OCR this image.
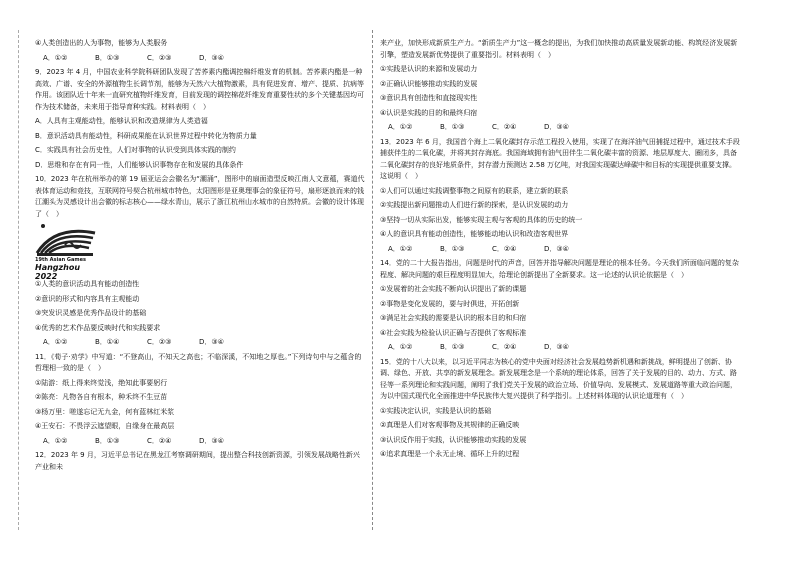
④人类创造出的人为事物，能够为人类服务

A．①②	B．①③	C．②③	D．③④

9．2023 年 4 月，中国农业科学院科研团队发现了苦荞素内酯调控棉纤维发育的机制。苦荞素内酯是一种高效、广谱、安全的外源植物生长调节剂，能够为天然六大植物激素，具有促进发育、增产、提质、抗病等作用。该团队近十年来一直研究植物纤维发育，目前发现的调控棉花纤维发育重要性状的多个关键基因均可作为技术储备，未来用于指导育种实践。材料表明（　）

A．人具有主观能动性，能够认识和改造规律为人类造福

B．意识活动具有能动性，科研成果能在认识世界过程中转化为物质力量

C．实践具有社会历史性，人们对事物的认识受到具体实践的制约

D．思维和存在有同一性，人们能够认识事物存在和发展的具体条件

10．2023 年在杭州举办的第 19 届亚运会会徽名为“潮涌”，图形中的扇面造型反映江南人文意蕴，赛道代表体育运动和竞技，互联网符号契合杭州城市特色，太阳图形是亚奥理事会的象征符号，扇形逐浪而来的钱江潮头为灵感设计出会徽的标志核心——绿水青山，展示了浙江杭州山水城市的自然特质。会徽的设计体现了（　）

19th Asian Games
Hangzhou 2022

①人类的意识活动具有能动创造性

②意识的形式和内容具有主观能动

③突发识灵感是优秀作品设计的基础

④优秀的艺术作品要反映时代和实践要求

A．①②	B．①④	C．②③	D．③④

11．《荀子·劝学》中写道：“不登高山，不知天之高也；不临深溪，不知地之厚也。”下列诗句中与之蕴含的哲理相一致的是（　）

①陆游：纸上得来终觉浅，绝知此事要躬行

②陈亮：凡物各自有根本，种禾终不生豆苗

③杨万里：嗟遂忘记无九金，何有蓝林红米浆

④王安石：不畏浮云遮望眼，自缘身在最高层

A．①②	B．①③	C．②④	D．③④

12．2023 年 9 月，习近平总书记在黑龙江考察调研期间，提出整合科技创新资源，引领发展战略性新兴产业和未

来产业，加快形成新质生产力。“新质生产力”这一概念的提出，为我们加快推动高质量发展新动能、构筑经济发展新引擎，塑造发展新优势提供了重要指引。材料表明（　）

①实践是认识的来源和发展动力

②正确认识能够推动实践的发展

③意识具有创造性和直接现实性

④认识是实践的目的和最终归宿

A．①②	B．①③	C．②④	D．③④

13．2023 年 6 月，我国首个海上二氧化碳封存示范工程投入使用，实现了在海洋油气田捕捉过程中，通过技术手段捕获伴生的二氧化碳，并将其封存海底。我国海域拥有油气田伴生二氧化碳丰富的资源、地层厚度大、圈闭多，具备二氧化碳封存的良好地质条件，封存潜力预测达 2.58 万亿吨，对我国实现碳达峰碳中和目标的实现提供重要支撑。这说明（　）

①人们可以通过实践调整事物之间原有的联系，建立新的联系

②实践提出新问题推动人们进行新的探索，是认识发展的动力

③坚持一切从实际出发，能够实现主观与客观的具体的历史的统一

④人的意识具有能动创造性，能够能动地认识和改造客观世界

A．①②	B．①③	C．②④	D．③④

14．党的二十大报告指出，问题是时代的声音，回答并指导解决问题是理论的根本任务。今天我们所面临问题的复杂程度、解决问题的艰巨程度明显加大，给理论创新提出了全新要求。这一论述的认识论依据是（　）

①发展着的社会实践不断向认识提出了新的课题

②事物是变化发展的，要与时俱进，开拓创新

③满足社会实践的需要是认识的根本目的和归宿

④社会实践为检验认识正确与否提供了客观标准

A．①②	B．①③	C．②④	D．③④

15．党的十八大以来，以习近平同志为核心的党中央面对经济社会发展趋势新机遇和新挑战，鲜明提出了创新、协调、绿色、开放、共享的新发展理念。新发展理念是一个系统的理论体系，回答了关于发展的目的、动力、方式、路径等一系列理论和实践问题，阐明了我们党关于发展的政治立场、价值导向、发展模式、发展道路等重大政治问题，为以中国式现代化全面推进中华民族伟大复兴提供了科学指引。上述材料体现的认识论道理有（　）

①实践决定认识，实践是认识的基础

②真理是人们对客观事物及其规律的正确反映

③认识反作用于实践，认识能够推动实践的发展

④追求真理是一个永无止境、循环上升的过程
